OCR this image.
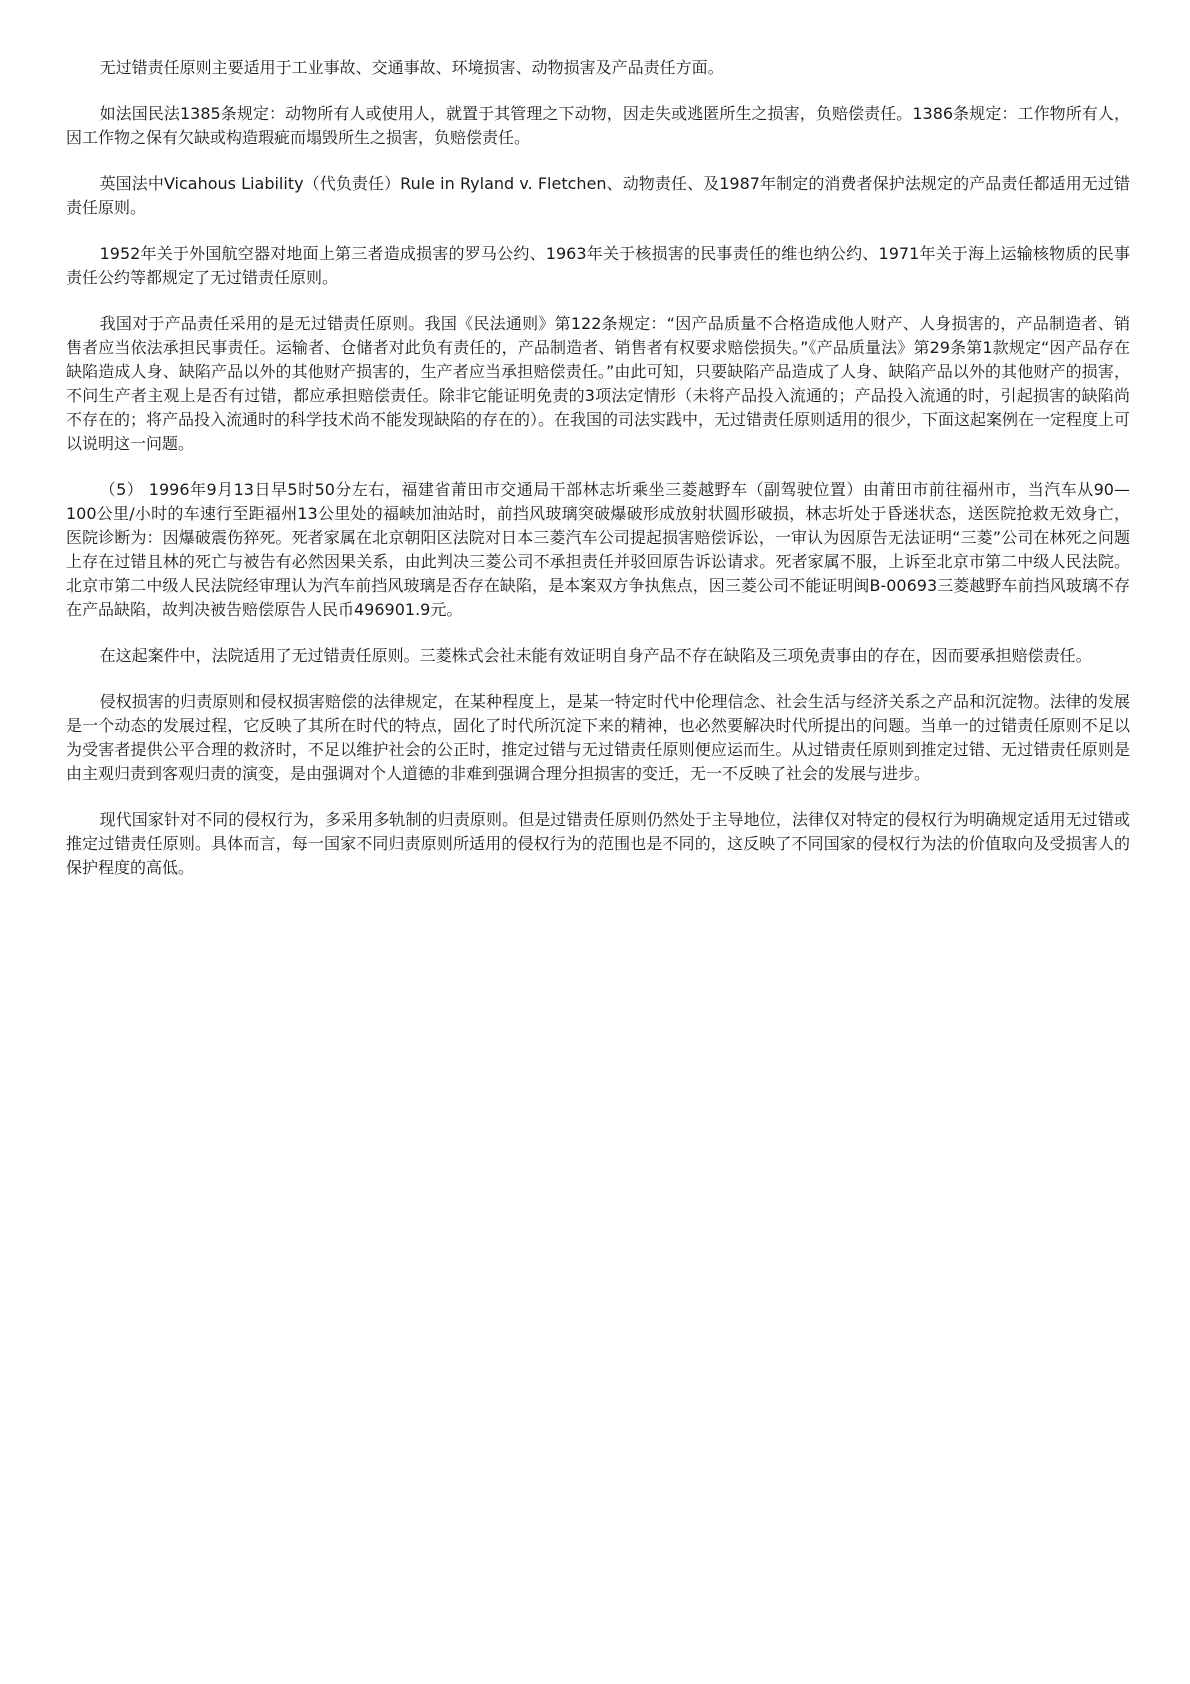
无过错责任原则主要适用于工业事故、交通事故、环境损害、动物损害及产品责任方面。

如法国民法1385条规定：动物所有人或使用人，就置于其管理之下动物，因走失或逃匿所生之损害，负赔偿责任。1386条规定：工作物所有人，因工作物之保有欠缺或构造瑕疵而塌毁所生之损害，负赔偿责任。

英国法中Vicahous Liability（代负责任）Rule in Ryland v. Fletchen、动物责任、及1987年制定的消费者保护法规定的产品责任都适用无过错责任原则。

1952年关于外国航空器对地面上第三者造成损害的罗马公约、1963年关于核损害的民事责任的维也纳公约、1971年关于海上运输核物质的民事责任公约等都规定了无过错责任原则。

我国对于产品责任采用的是无过错责任原则。我国《民法通则》第122条规定：“因产品质量不合格造成他人财产、人身损害的，产品制造者、销售者应当依法承担民事责任。运输者、仓储者对此负有责任的，产品制造者、销售者有权要求赔偿损失。”《产品质量法》第29条第1款规定“因产品存在缺陷造成人身、缺陷产品以外的其他财产损害的，生产者应当承担赔偿责任。”由此可知，只要缺陷产品造成了人身、缺陷产品以外的其他财产的损害，不问生产者主观上是否有过错，都应承担赔偿责任。除非它能证明免责的3项法定情形（未将产品投入流通的；产品投入流通的时，引起损害的缺陷尚不存在的；将产品投入流通时的科学技术尚不能发现缺陷的存在的）。在我国的司法实践中，无过错责任原则适用的很少，下面这起案例在一定程度上可以说明这一问题。

（5） 1996年9月13日早5时50分左右，福建省莆田市交通局干部林志圻乘坐三菱越野车（副驾驶位置）由莆田市前往福州市，当汽车从90—100公里/小时的车速行至距福州13公里处的福峡加油站时，前挡风玻璃突破爆破形成放射状圆形破损，林志圻处于昏迷状态，送医院抢救无效身亡，医院诊断为：因爆破震伤猝死。死者家属在北京朝阳区法院对日本三菱汽车公司提起损害赔偿诉讼，一审认为因原告无法证明“三菱”公司在林死之问题上存在过错且林的死亡与被告有必然因果关系，由此判决三菱公司不承担责任并驳回原告诉讼请求。死者家属不服，上诉至北京市第二中级人民法院。北京市第二中级人民法院经审理认为汽车前挡风玻璃是否存在缺陷，是本案双方争执焦点，因三菱公司不能证明闽B-00693三菱越野车前挡风玻璃不存在产品缺陷，故判决被告赔偿原告人民币496901.9元。

在这起案件中，法院适用了无过错责任原则。三菱株式会社未能有效证明自身产品不存在缺陷及三项免责事由的存在，因而要承担赔偿责任。

侵权损害的归责原则和侵权损害赔偿的法律规定，在某种程度上，是某一特定时代中伦理信念、社会生活与经济关系之产品和沉淀物。法律的发展是一个动态的发展过程，它反映了其所在时代的特点，固化了时代所沉淀下来的精神，也必然要解决时代所提出的问题。当单一的过错责任原则不足以为受害者提供公平合理的救济时，不足以维护社会的公正时，推定过错与无过错责任原则便应运而生。从过错责任原则到推定过错、无过错责任原则是由主观归责到客观归责的演变，是由强调对个人道德的非难到强调合理分担损害的变迁，无一不反映了社会的发展与进步。

现代国家针对不同的侵权行为，多采用多轨制的归责原则。但是过错责任原则仍然处于主导地位，法律仅对特定的侵权行为明确规定适用无过错或推定过错责任原则。具体而言，每一国家不同归责原则所适用的侵权行为的范围也是不同的，这反映了不同国家的侵权行为法的价值取向及受损害人的保护程度的高低。
